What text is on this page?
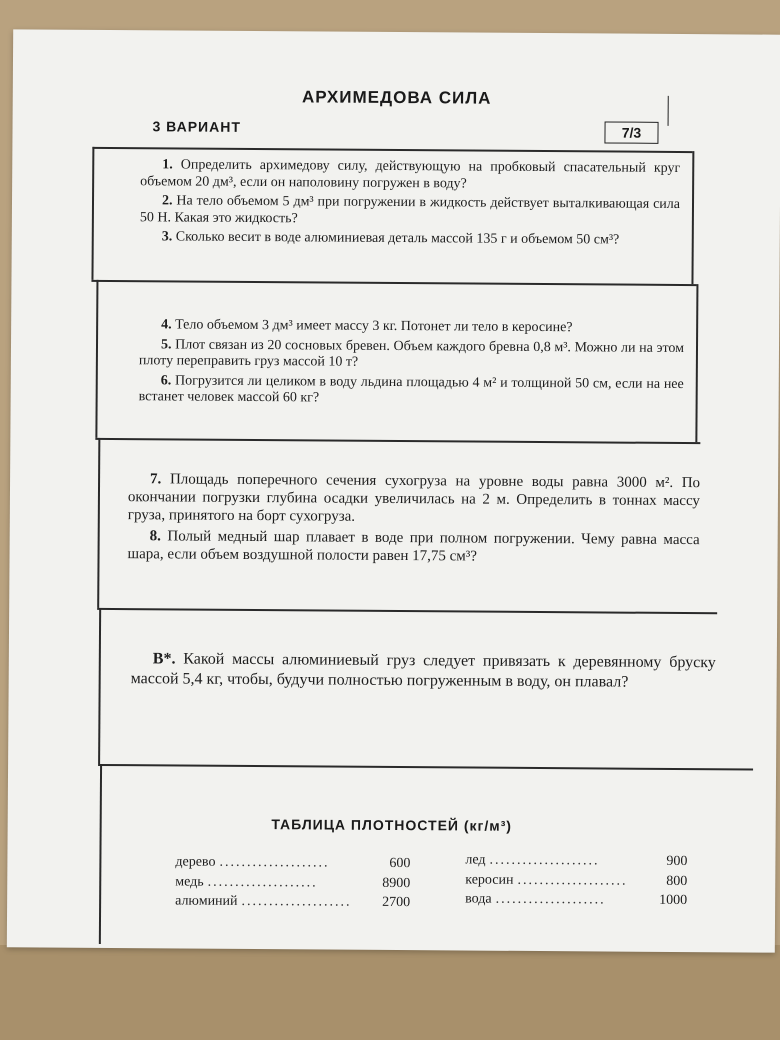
АРХИМЕДОВА СИЛА
3 ВАРИАНТ	7/3

1. Определить архимедову силу, действующую на пробковый спасательный круг объемом 20 дм³, если он наполовину погружен в воду?

2. На тело объемом 5 дм³ при погружении в жидкость действует выталкивающая сила 50 Н. Какая это жидкость?

3. Сколько весит в воде алюминиевая деталь массой 135 г и объемом 50 см³?

4. Тело объемом 3 дм³ имеет массу 3 кг. Потонет ли тело в керосине?

5. Плот связан из 20 сосновых бревен. Объем каждого бревна 0,8 м³. Можно ли на этом плоту переправить груз массой 10 т?

6. Погрузится ли целиком в воду льдина площадью 4 м² и толщиной 50 см, если на нее встанет человек массой 60 кг?

7. Площадь поперечного сечения сухогруза на уровне воды равна 3000 м². По окончании погрузки глубина осадки увеличилась на 2 м. Определить в тоннах массу груза, принятого на борт сухогруза.

8. Полый медный шар плавает в воде при полном погружении. Чему равна масса шара, если объем воздушной полости равен 17,75 см³?

В*. Какой массы алюминиевый груз следует привязать к деревянному бруску массой 5,4 кг, чтобы, будучи полностью погруженным в воду, он плавал?

ТАБЛИЦА ПЛОТНОСТЕЙ (кг/м³)
дерево ....................	600
медь ....................	8900
алюминий ....................	2700
лед ....................	900
керосин ....................	800
вода ....................	1000
